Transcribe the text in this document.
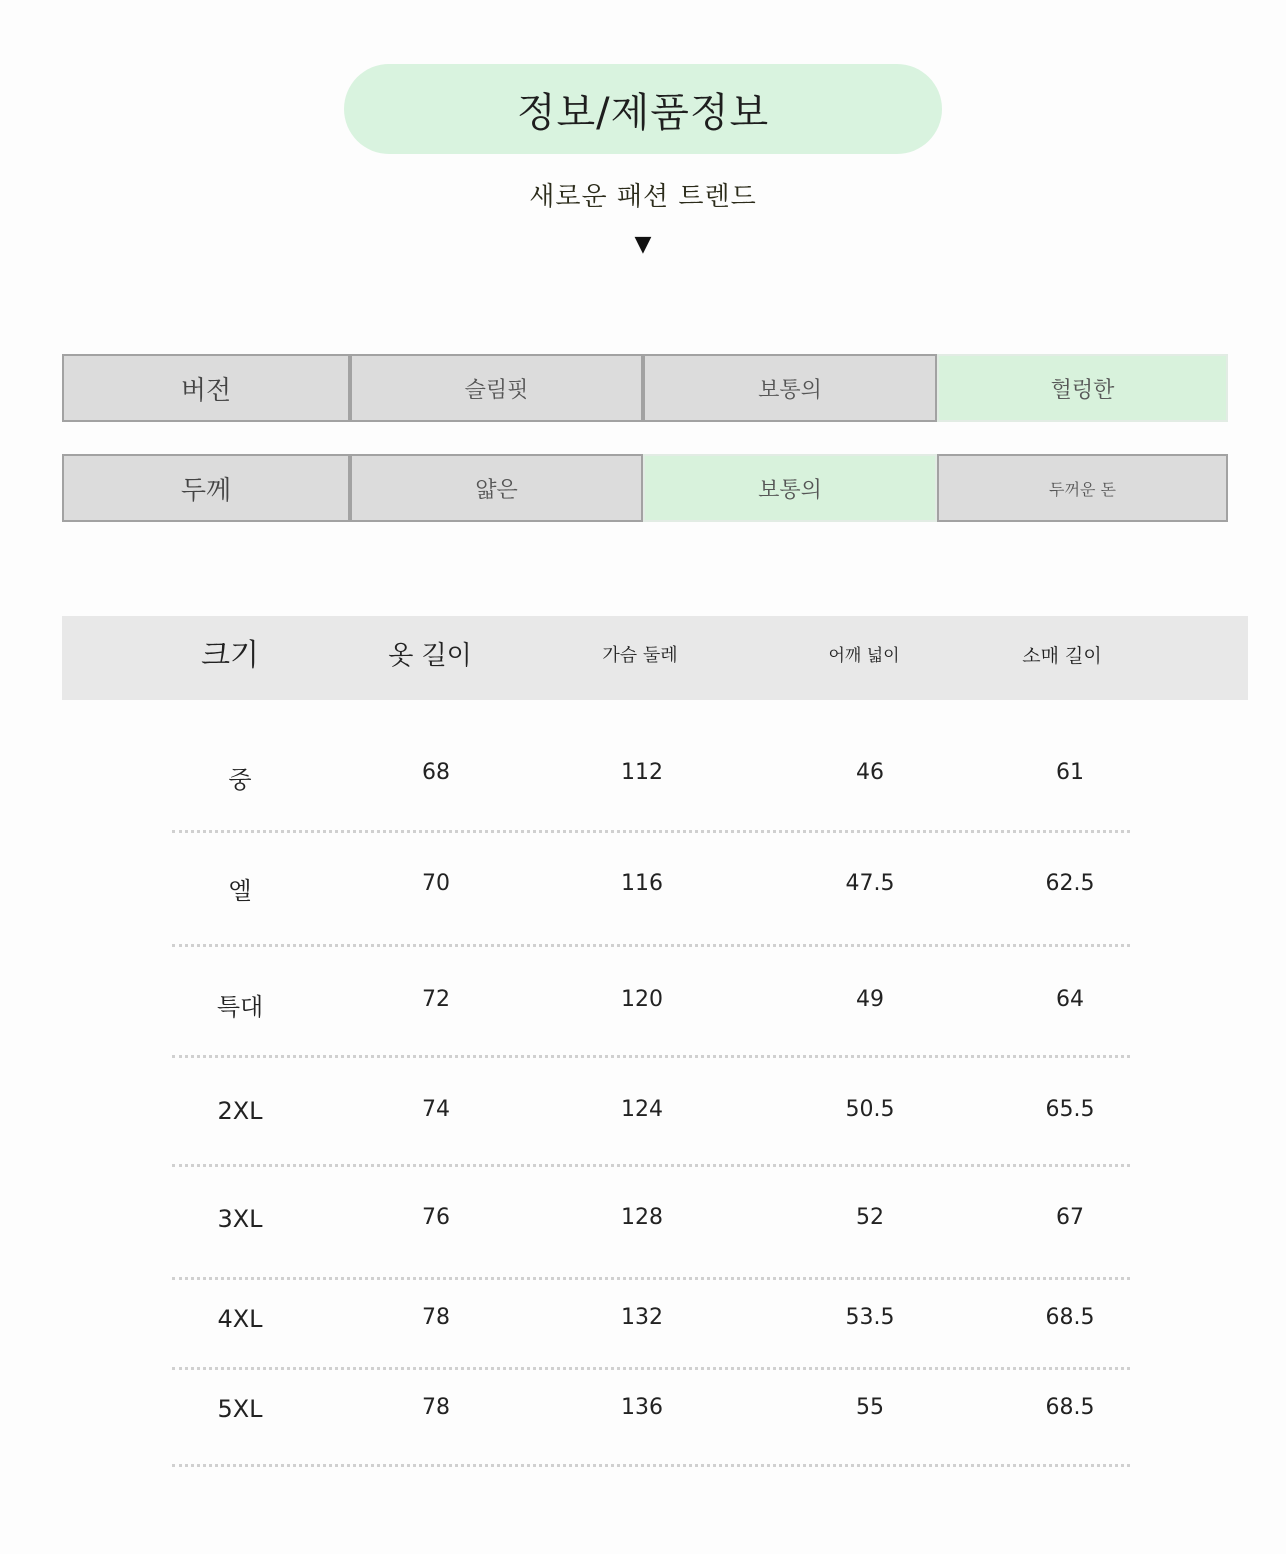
정보/제품정보
새로운 패션 트렌드
▼
버전	슬림핏	보통의	헐렁한
두께	얇은	보통의	두꺼운 돈
크기	옷 길이	가슴 둘레	어깨 넓이	소매 길이
중	68	112	46	61
엘	70	116	47.5	62.5
특대	72	120	49	64
2XL	74	124	50.5	65.5
3XL	76	128	52	67
4XL	78	132	53.5	68.5
5XL	78	136	55	68.5
